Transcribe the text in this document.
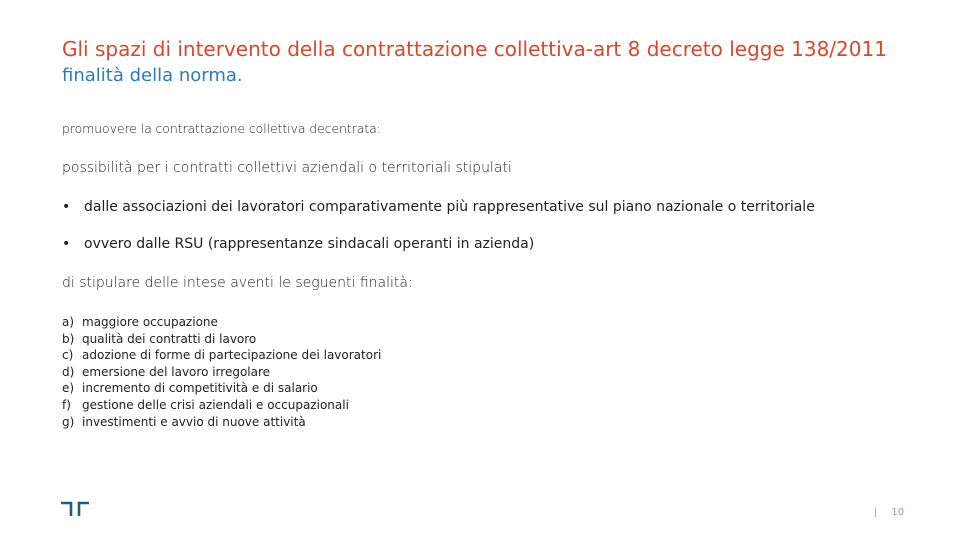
Gli spazi di intervento della contrattazione collettiva-art 8 decreto legge 138/2011
finalità della norma.
promuovere la contrattazione collettiva decentrata:
possibilità per i contratti collettivi aziendali o territoriali stipulati
• dalle associazioni dei lavoratori comparativamente più rappresentative sul piano nazionale o territoriale
• ovvero dalle RSU (rappresentanze sindacali operanti in azienda)
di stipulare delle intese aventi le seguenti finalità:
a) maggiore occupazione
b) qualità dei contratti di lavoro
c) adozione di forme di partecipazione dei lavoratori
d) emersione del lavoro irregolare
e) incremento di competitività e di salario
f) gestione delle crisi aziendali e occupazionali
g) investimenti e avvio di nuove attività
| 10
